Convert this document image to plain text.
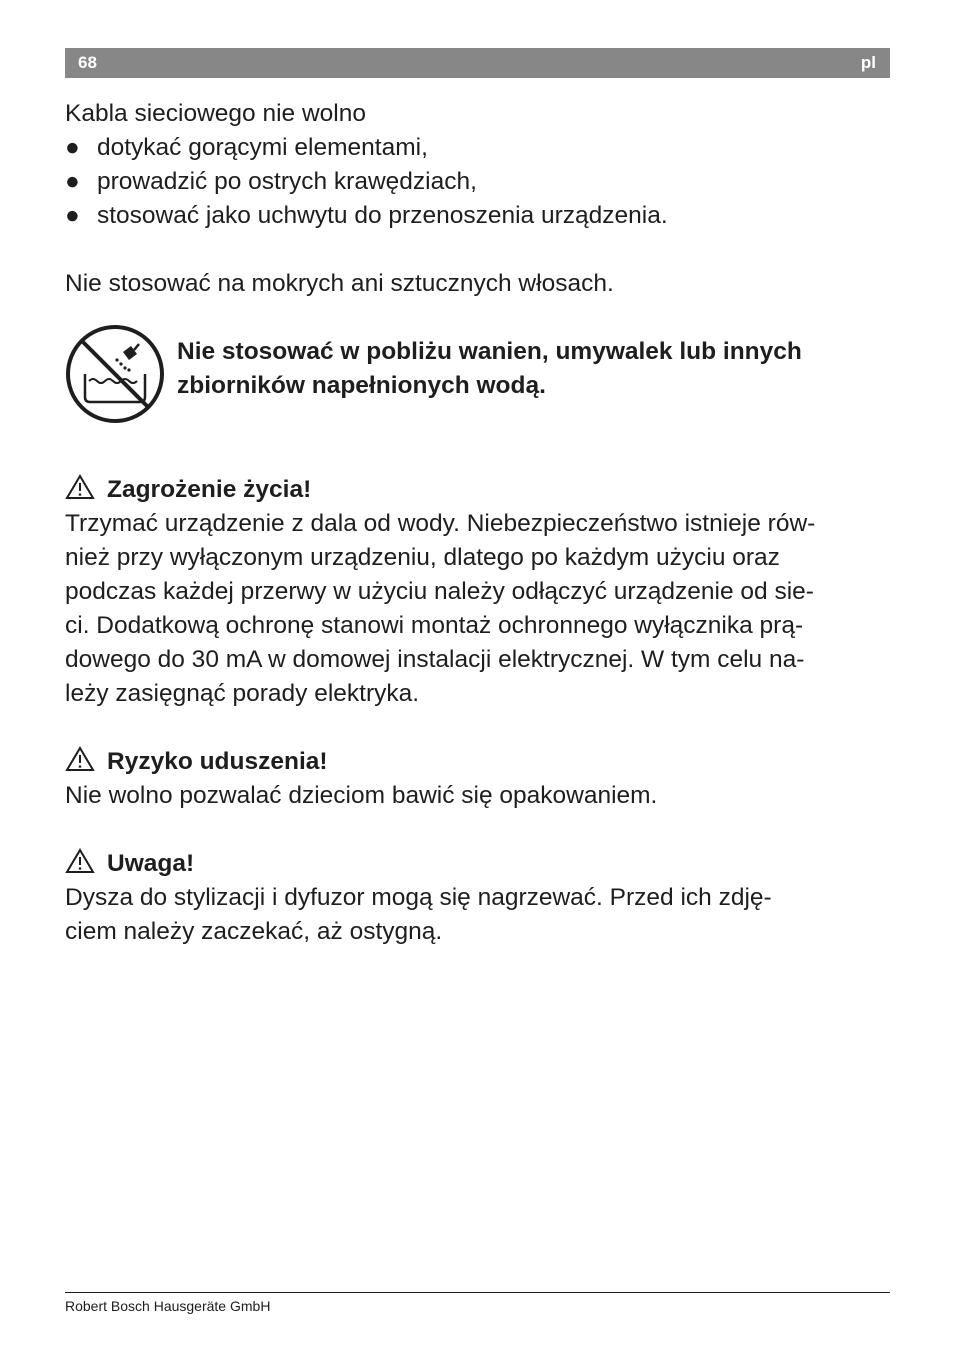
68	pl
Kabla sieciowego nie wolno
● dotykać gorącymi elementami,
● prowadzić po ostrych krawędziach,
● stosować jako uchwytu do przenoszenia urządzenia.
Nie stosować na mokrych ani sztucznych włosach.
Nie stosować w pobliżu wanien, umywalek lub innych
zbiorników napełnionych wodą.
Zagrożenie życia!
Trzymać urządzenie z dala od wody. Niebezpieczeństwo istnieje rów-
nież przy wyłączonym urządzeniu, dlatego po każdym użyciu oraz
podczas każdej przerwy w użyciu należy odłączyć urządzenie od sie-
ci. Dodatkową ochronę stanowi montaż ochronnego wyłącznika prą-
dowego do 30 mA w domowej instalacji elektrycznej. W tym celu na-
leży zasięgnąć porady elektryka.
Ryzyko uduszenia!
Nie wolno pozwalać dzieciom bawić się opakowaniem.
Uwaga!
Dysza do stylizacji i dyfuzor mogą się nagrzewać. Przed ich zdję-
ciem należy zaczekać, aż ostygną.
Robert Bosch Hausgeräte GmbH
